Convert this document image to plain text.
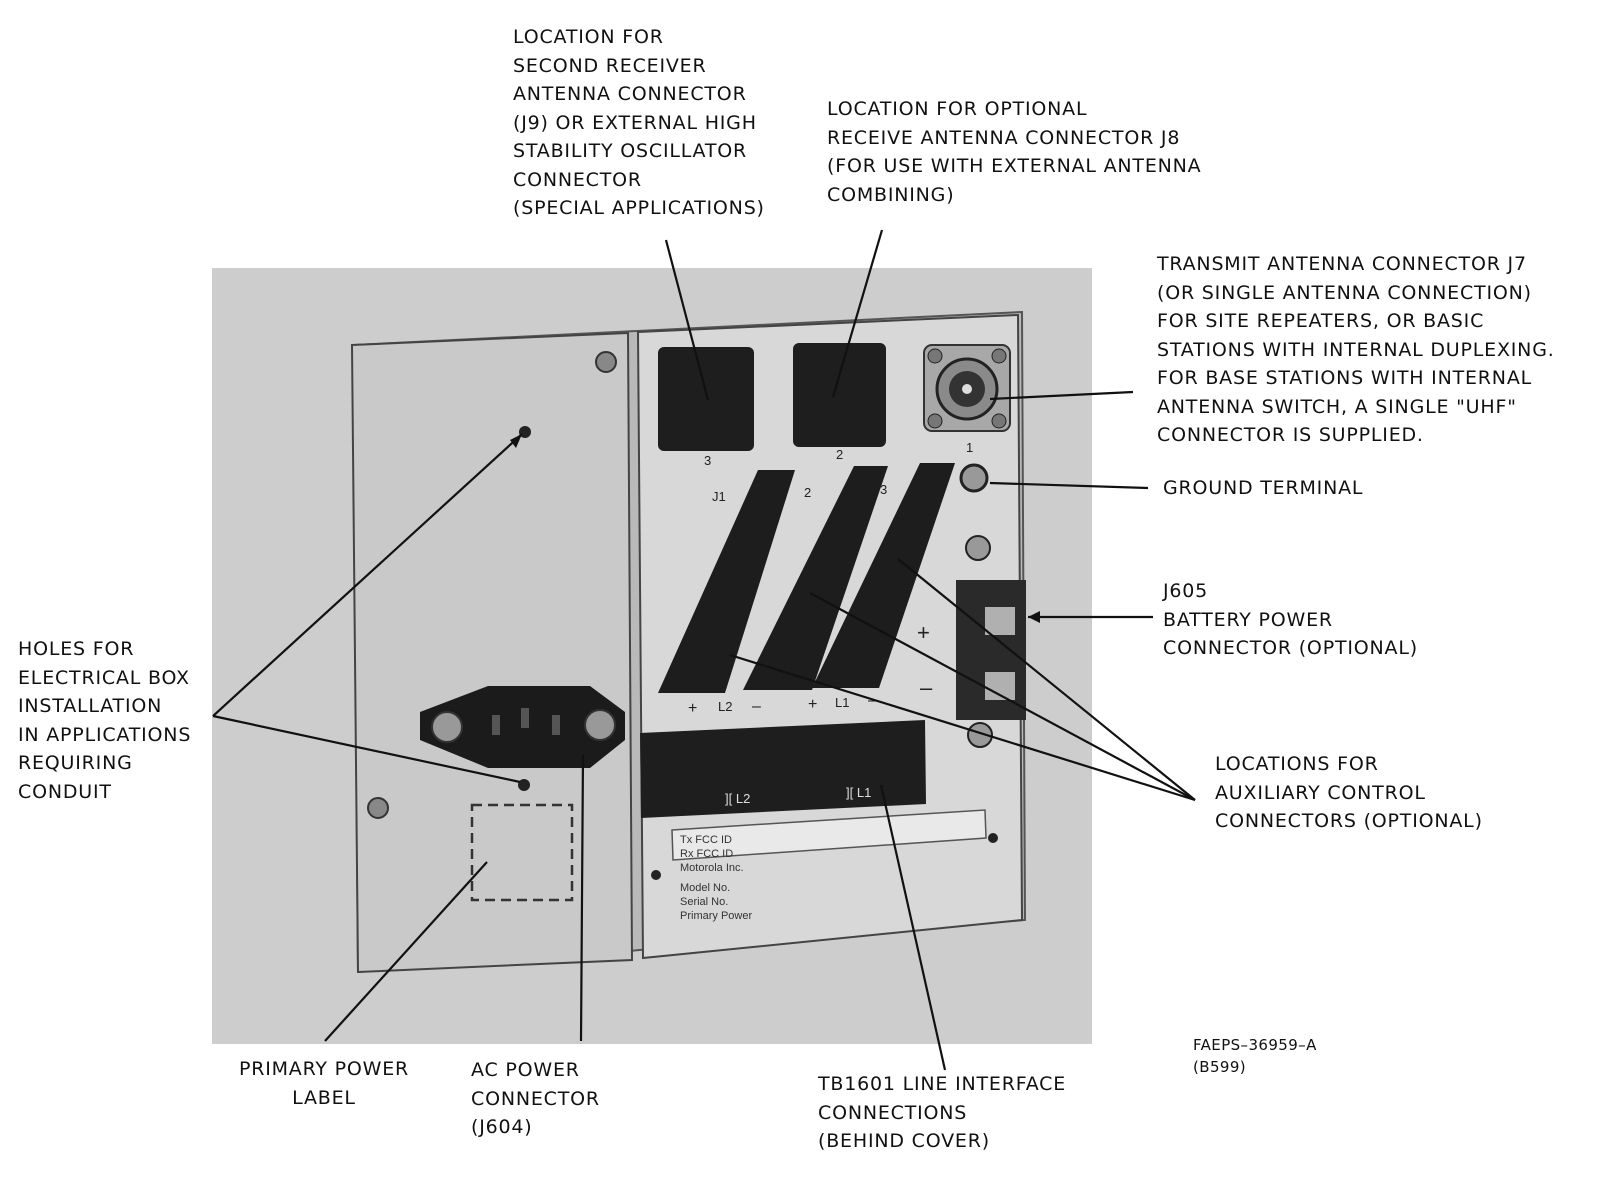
3	2	1
J1	2	3
L2	L1
+	–	+	–
+
–
][ L2	][ L1
Tx FCC ID
Rx FCC ID
Motorola Inc.
Model No.
Serial No.
Primary Power
LOCATION FOR
SECOND RECEIVER
ANTENNA CONNECTOR
(J9) OR EXTERNAL HIGH
STABILITY OSCILLATOR
CONNECTOR
(SPECIAL APPLICATIONS)
LOCATION FOR OPTIONAL
RECEIVE ANTENNA CONNECTOR J8
(FOR USE WITH EXTERNAL ANTENNA
COMBINING)
TRANSMIT ANTENNA CONNECTOR J7
(OR SINGLE ANTENNA CONNECTION)
FOR SITE REPEATERS, OR BASIC
STATIONS WITH INTERNAL DUPLEXING.
FOR BASE STATIONS WITH INTERNAL
ANTENNA SWITCH, A SINGLE "UHF"
CONNECTOR IS SUPPLIED.
GROUND TERMINAL
J605
BATTERY POWER
CONNECTOR (OPTIONAL)
HOLES FOR
ELECTRICAL BOX
INSTALLATION
IN APPLICATIONS
REQUIRING
CONDUIT
LOCATIONS FOR
AUXILIARY CONTROL
CONNECTORS (OPTIONAL)
PRIMARY POWER
LABEL
AC POWER
CONNECTOR
(J604)
TB1601 LINE INTERFACE
CONNECTIONS
(BEHIND COVER)
FAEPS–36959–A
(B599)
